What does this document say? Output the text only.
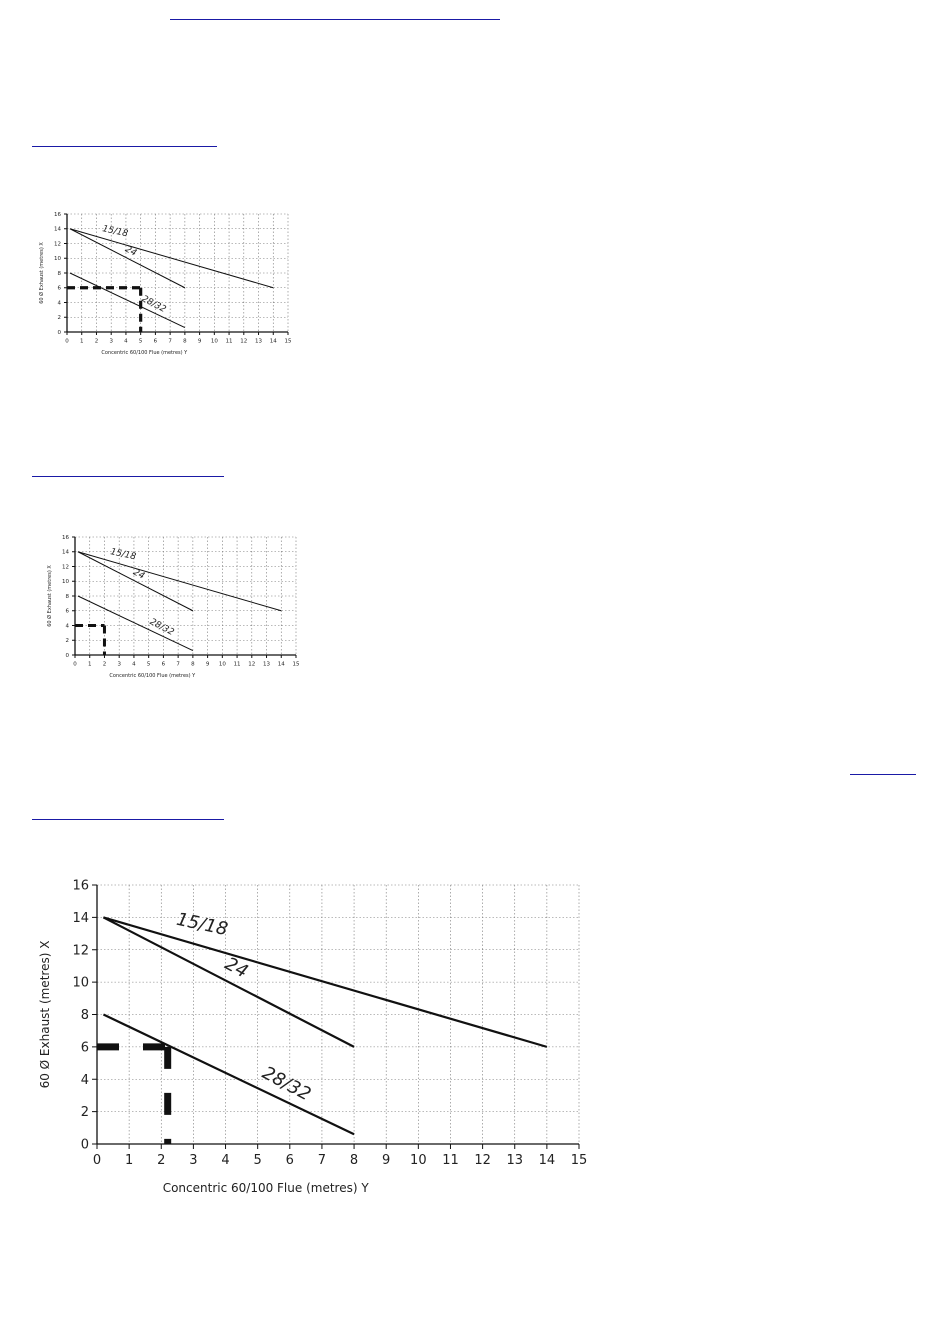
0 1 2 3 4 5 6 7 8 9 10 11 12 13 14 15
0
2
4
6
8
10
12
14
16
Concentric 60/100 Flue (metres) Y
60 Ø Exhaust (metres) X
15/18
24
28/32
0 1 2 3 4 5 6 7 8 9 10 11 12 13 14 15
0
2
4
6
8
10
12
14
16
Concentric 60/100 Flue (metres) Y
60 Ø Exhaust (metres) X
15/18
24
28/32
0 1 2 3 4 5 6 7 8 9 10 11 12 13 14 15
0
2
4
6
8
10
12
14
16
Concentric 60/100 Flue (metres) Y
60 Ø Exhaust (metres) X
15/18
24
28/32
